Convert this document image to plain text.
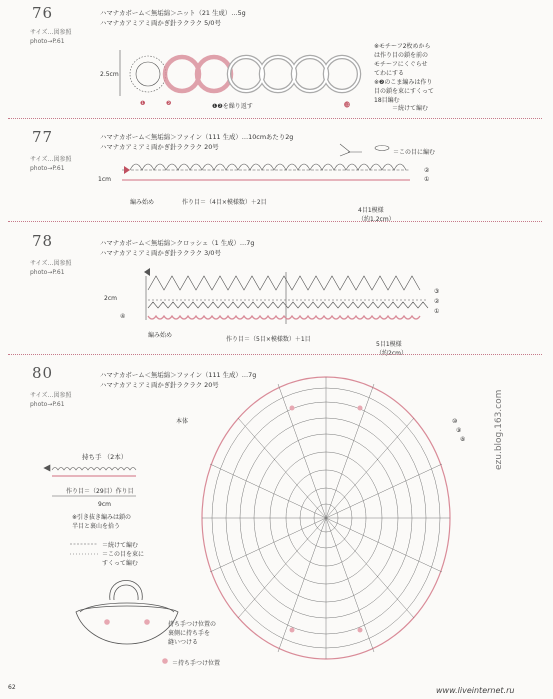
76
サイズ…図参照
photo→P.61
ハマナカボーム＜無垢綿＞ニット（21 生成）…5g
ハマナカアミアミ両かぎ針ラクラク 5/0号
2.5cm
※モチーフ2枚めから
は作り目の鎖を前の
モチーフにくぐらせ
てわにする
※❷のこま編みは作り
目の鎖を束にすくって
18目編む
＝続けて編む
❶	❷	❶❷を繰り返す	⓭
77
サイズ…図参照
photo→P.61
ハマナカボーム＜無垢綿＞ファイン（111 生成）…10cmあたり2g
ハマナカアミアミ両かぎ針ラクラク 20号
1cm
編み始め	作り目＝（4目×模様数）＋2目

4目1模様
（約1.2cm）

＝この目に編む
②
①
78
サイズ…図参照
photo→P.61
ハマナカボーム＜無垢綿＞クロッシェ（1 生成）…7g
ハマナカアミアミ両かぎ針ラクラク 3/0号
2cm
編み始め
作り目＝（5目×模様数）＋1目

5目1模様
（約2cm）

③
②
①
④
80
サイズ…図参照
photo→P.61
ハマナカボーム＜無垢綿＞ファイン（111 生成）…7g
ハマナカアミアミ両かぎ針ラクラク 20号
持ち手 （2本）
作り目＝（29目）作り目
9cm
※引き抜き編みは鎖の
半目と裏山を拾う
＝続けて編む
＝この目を束に
すくって編む
本体
持ち手つけ位置の
裏側に持ち手を
縫いつける
＝持ち手つけ位置
⑩
⑨
⑧
62
ezu.blog.163.com
www.liveinternet.ru
